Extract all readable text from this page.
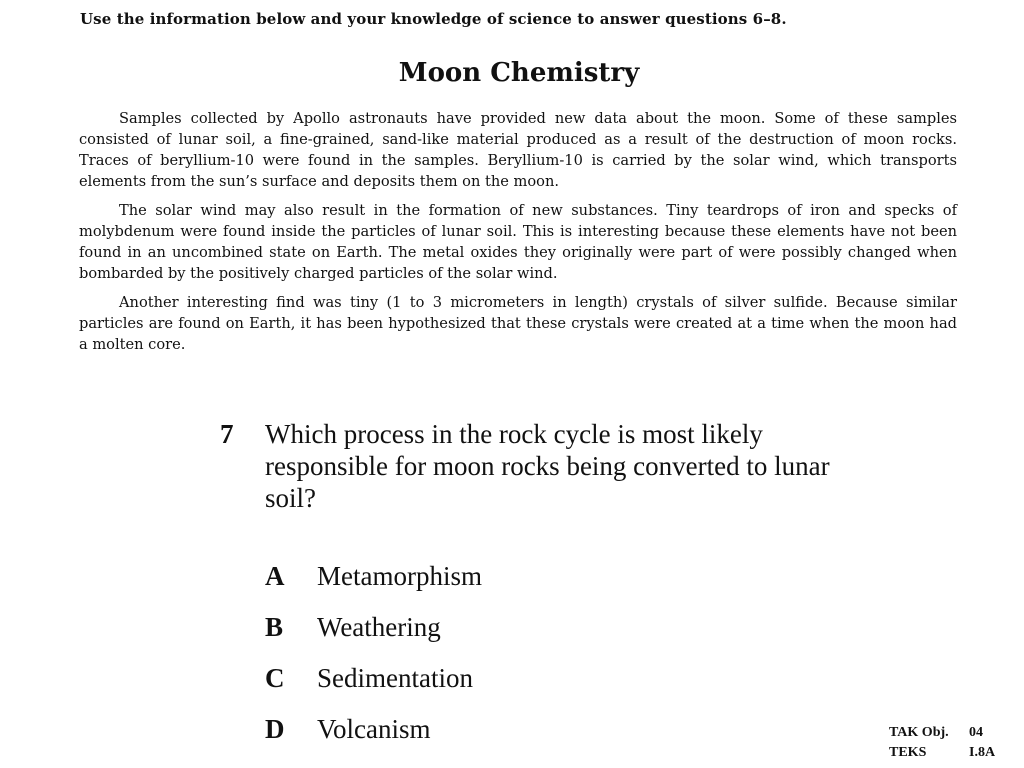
Use the information below and your knowledge of science to answer questions 6–8.
Moon Chemistry

Samples collected by Apollo astronauts have provided new data about the moon. Some of these samples consisted of lunar soil, a fine-grained, sand-like material produced as a result of the destruction of moon rocks. Traces of beryllium-10 were found in the samples. Beryllium-10 is carried by the solar wind, which transports elements from the sun’s surface and deposits them on the moon.

The solar wind may also result in the formation of new substances. Tiny teardrops of iron and specks of molybdenum were found inside the particles of lunar soil. This is interesting because these elements have not been found in an uncombined state on Earth. The metal oxides they originally were part of were possibly changed when bombarded by the positively charged particles of the solar wind.

Another interesting find was tiny (1 to 3 micrometers in length) crystals of silver sulfide. Because similar particles are found on Earth, it has been hypothesized that these crystals were created at a time when the moon had a molten core.

7	Which process in the rock cycle is most likely responsible for moon rocks being converted to lunar soil?
A	Metamorphism
B	Weathering
C	Sedimentation
D	Volcanism	TAK Obj.	04
TEKS	I.8A
